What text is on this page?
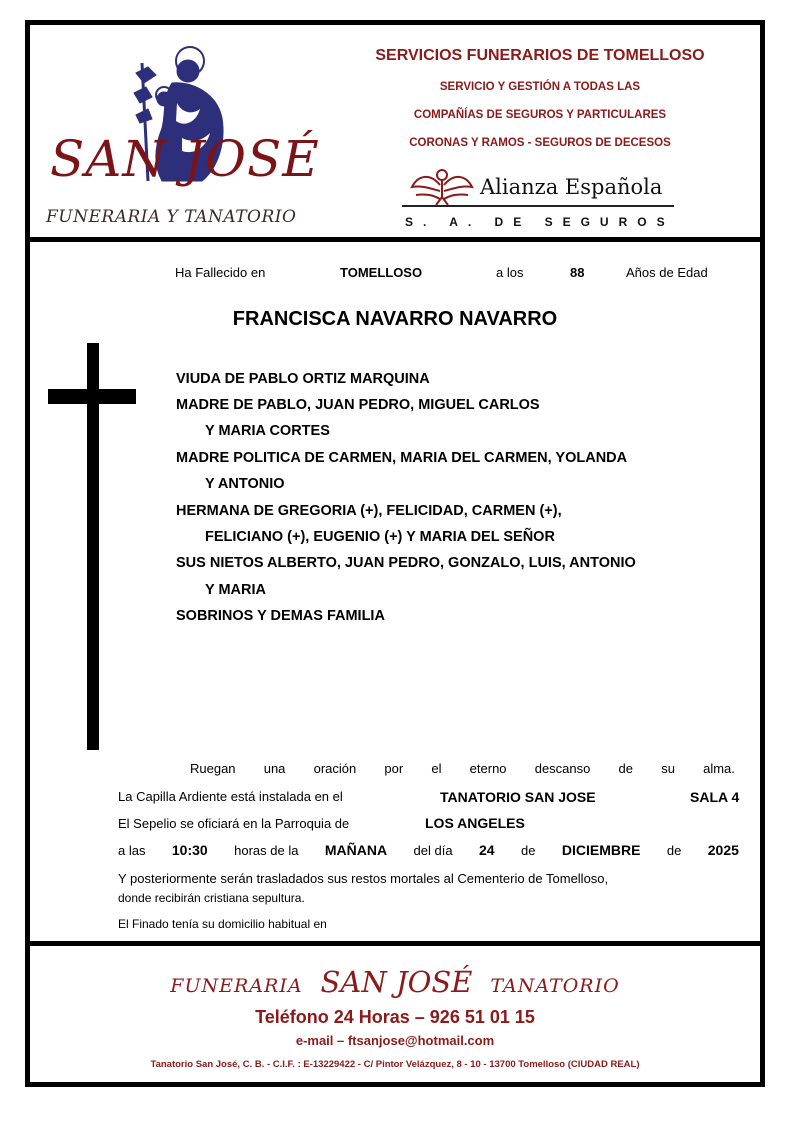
SAN JOSÉ
FUNERARIA Y TANATORIO
SERVICIOS FUNERARIOS DE TOMELLOSO
SERVICIO Y GESTIÓN A TODAS LAS
COMPAÑÍAS DE SEGUROS Y PARTICULARES
CORONAS Y RAMOS - SEGUROS DE DECESOS
Alianza Española
S. A. DE SEGUROS
Ha Fallecido en	TOMELLOSO	a los	88	Años de Edad
FRANCISCA NAVARRO NAVARRO
VIUDA DE PABLO ORTIZ MARQUINA
MADRE DE PABLO, JUAN PEDRO, MIGUEL CARLOS
Y MARIA CORTES
MADRE POLITICA DE CARMEN, MARIA DEL CARMEN, YOLANDA
Y ANTONIO
HERMANA DE GREGORIA (+), FELICIDAD, CARMEN (+),
FELICIANO (+), EUGENIO (+) Y MARIA DEL SEÑOR
SUS NIETOS ALBERTO, JUAN PEDRO, GONZALO, LUIS, ANTONIO
Y MARIA
SOBRINOS Y DEMAS FAMILIA
Ruegan una oración por el eterno descanso de su alma.
La Capilla Ardiente está instalada en el	TANATORIO SAN JOSE	SALA 4
El Sepelio se oficiará en la Parroquia de	LOS ANGELES
a las 10:30 horas de la MAÑANA del día 24 de DICIEMBRE de 2025
Y posteriormente serán trasladados sus restos mortales al Cementerio de Tomelloso,
donde recibirán cristiana sepultura.
El Finado tenía su domicilio habitual en
FUNERARIA SAN JOSÉ TANATORIO
Teléfono 24 Horas – 926 51 01 15
e-mail – ftsanjose@hotmail.com
Tanatorio San José, C. B. - C.I.F. : E-13229422 - C/ Pintor Velázquez, 8 - 10 - 13700 Tomelloso (CIUDAD REAL)
